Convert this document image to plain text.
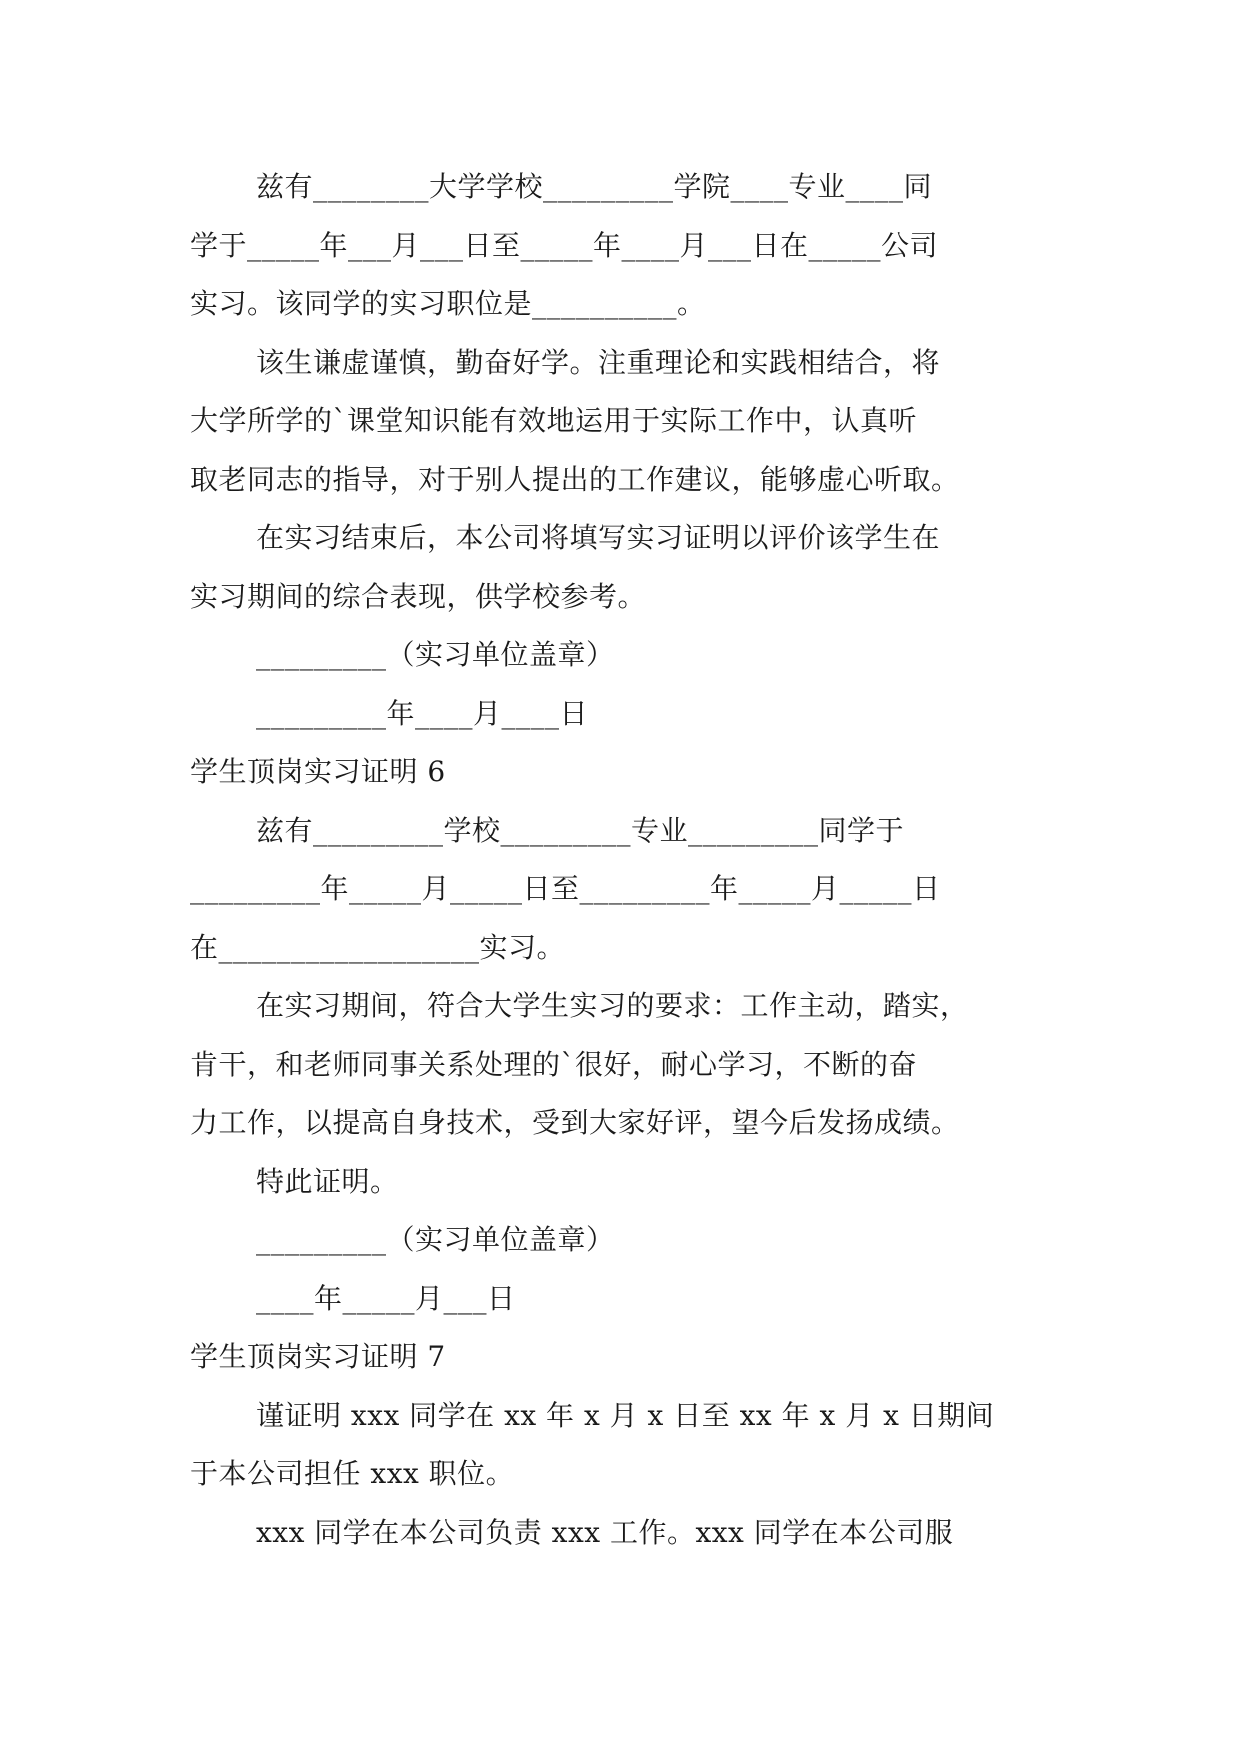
兹有________大学学校_________学院____专业____同
学于_____年___月___日至_____年____月___日在_____公司
实习。该同学的实习职位是__________。
该生谦虚谨慎，勤奋好学。注重理论和实践相结合，将
大学所学的`课堂知识能有效地运用于实际工作中，认真听
取老同志的指导，对于别人提出的工作建议，能够虚心听取。
在实习结束后，本公司将填写实习证明以评价该学生在
实习期间的综合表现，供学校参考。
_________（实习单位盖章）
_________年____月____日
学生顶岗实习证明 6
兹有_________学校_________专业_________同学于
_________年_____月_____日至_________年_____月_____日
在__________________实习。
在实习期间，符合大学生实习的要求：工作主动，踏实，
肯干，和老师同事关系处理的`很好，耐心学习，不断的奋
力工作，以提高自身技术，受到大家好评，望今后发扬成绩。
特此证明。
_________（实习单位盖章）
____年_____月___日
学生顶岗实习证明 7
谨证明 xxx 同学在 xx 年 x 月 x 日至 xx 年 x 月 x 日期间
于本公司担任 xxx 职位。
xxx 同学在本公司负责 xxx 工作。xxx 同学在本公司服
